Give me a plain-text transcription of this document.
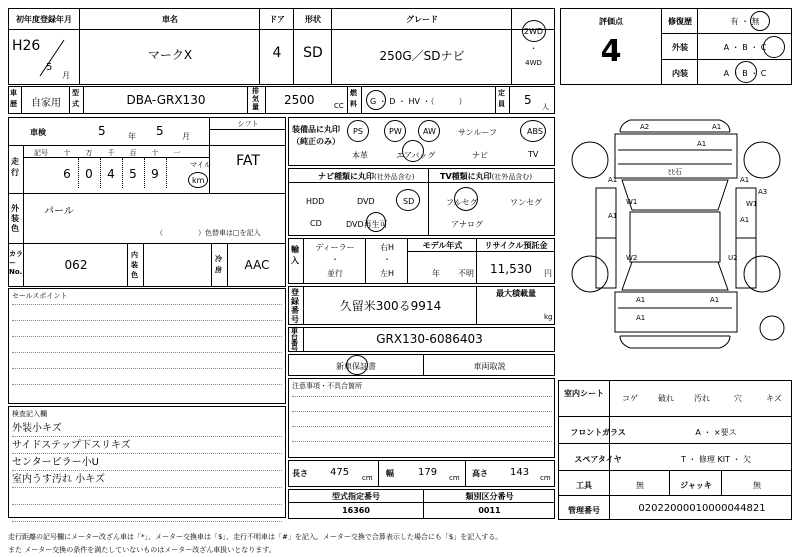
初年度登録年月	車名	ドア	形状	グレード
H26
5
月
マークX	4	SD	250G／SDナビ
2WD
・
4WD
評価点
4
修復歴	有 ・ 無
外装	A ・ B ・ C
内装	A ・ B ・ C
車歴	自家用
型式	DBA-GRX130
排気量 2500	CC
燃料	G ・ D ・ HV ・（　　　）
定員 5 人
車検	5	年 5 月
シフト
FAT
走行
記号	十
6
万
0
千
4
百
5
十
9
一
マイル
km
外装色
パール
（　　　　　）色替車は□を記入
カラーNo.	062
内装色
冷房	AAC
セールスポイント
検査記入欄
外装小キズ
サイドステップ下スリキズ
センターピラー小U
室内うす汚れ 小キズ
装備品に丸印（純正のみ）
PS	PW	AW	サンルーフ	ABS
本革	エアバッグ	ナビ	TV
ナビ種類に丸印(社外品含む)
HDD	DVD	SD
CD	DVD再生可
TV種類に丸印(社外品含む)
フルセグ	ワンセグ
アナログ
輸入
ディーラー
・
並行
右H
・
左H
モデル年式
年 不明
リサイクル預託金
11,530 円
登録番号
久留米300る9914
最大積載量
kg
車台番号
GRX130-6086403
新車保証書	車両取説
注意事項・不具合箇所
長さ 475 cm 幅 179 cm 高さ 143 cm
型式指定番号
16360
類別区分番号
0011
A2	A1
A1
ﾋﾋ石
A1	A1
A3
W1	W1
A1	A1
W2	U2
A1	A1
A1
室内シート
コゲ	破れ	汚れ	穴	キズ
フロントガラス	A ・ ×要ス
スペアタイヤ	T ・ 修理 KIT ・ 欠
工具	無	ジャッキ	無
管理番号	02022000010000044821
走行距離の記号欄にメーター改ざん車は「*」、メーター交換車は「$」、走行不明車は「#」を記入。メーター交換で合算表示した場合にも「$」を記入する。
また メーター交換の条件を満たしていないものはメーター改ざん車扱いとなります。
